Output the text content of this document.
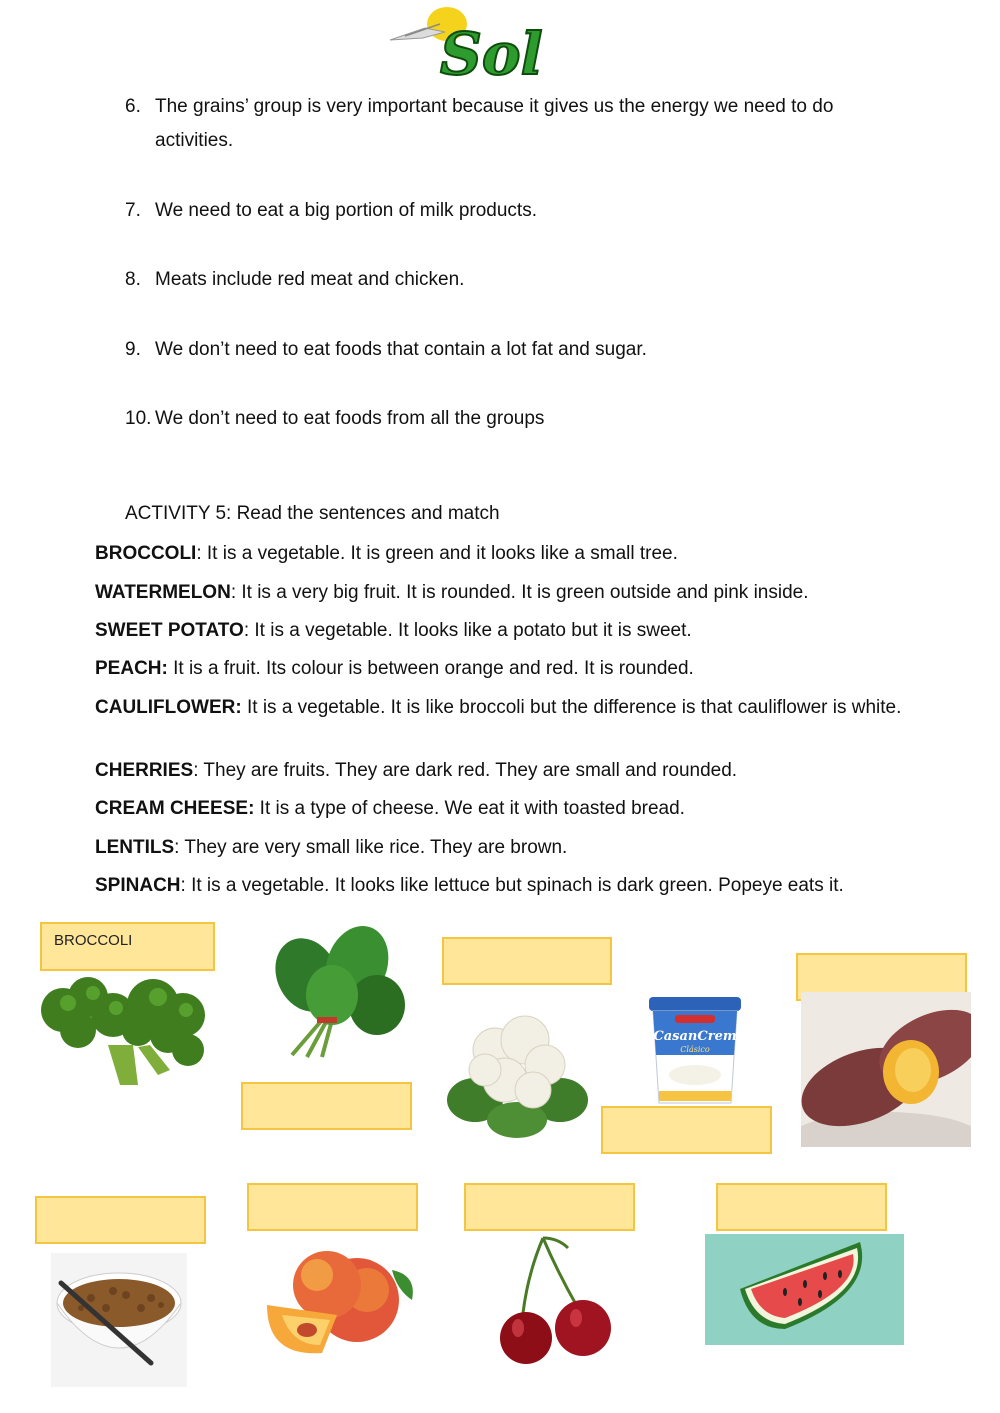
Sol
6. The grains’ group is very important because it gives us the energy we need to do activities.
7. We need to eat a big portion of milk products.
8. Meats include red meat and chicken.
9. We don’t need to eat foods that contain a lot fat and sugar.
10. We don’t need to eat foods from all the groups
ACTIVITY 5: Read the sentences and match
BROCCOLI: It is a vegetable. It is green and it looks like a small tree.
WATERMELON: It is a very big fruit. It is rounded. It is green outside and pink inside.
SWEET POTATO: It is a vegetable. It looks like a potato but it is sweet.
PEACH: It is a fruit. Its colour is between orange and red. It is rounded.
CAULIFLOWER: It is a vegetable. It is like broccoli but the difference is that cauliflower is white.
CHERRIES: They are fruits. They are dark red. They are small and rounded.
CREAM CHEESE: It is a type of cheese. We eat it with toasted bread.
LENTILS: They are very small like rice. They are brown.
SPINACH: It is a vegetable. It looks like lettuce but spinach is dark green. Popeye eats it.
BROCCOLI
CasanCrem
Clásico
